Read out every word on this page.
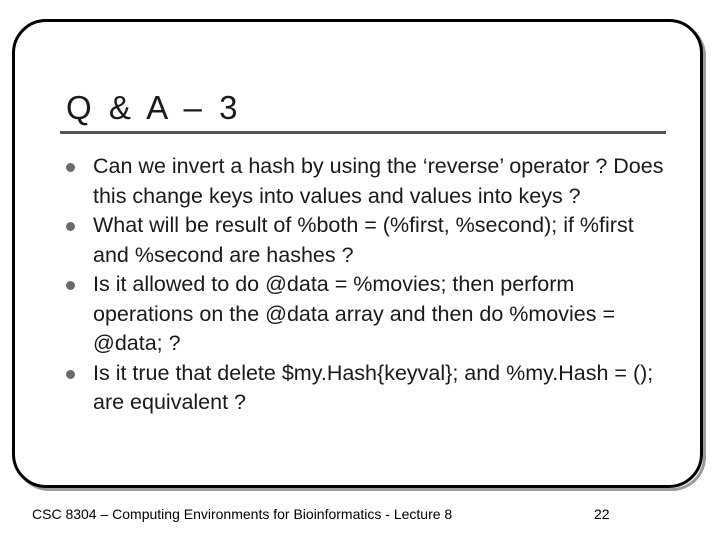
Q & A – 3
Can we invert a hash by using the ‘reverse’ operator ? Does this change keys into values and values into keys ?
What will be result of %both = (%first, %second); if %first and %second are hashes ?
Is it allowed to do @data = %movies; then perform operations on the @data array and then do %movies = @data; ?
Is it true that delete $my.Hash{keyval}; and %my.Hash = (); are equivalent ?
CSC 8304 – Computing Environments for Bioinformatics - Lecture 8	22
